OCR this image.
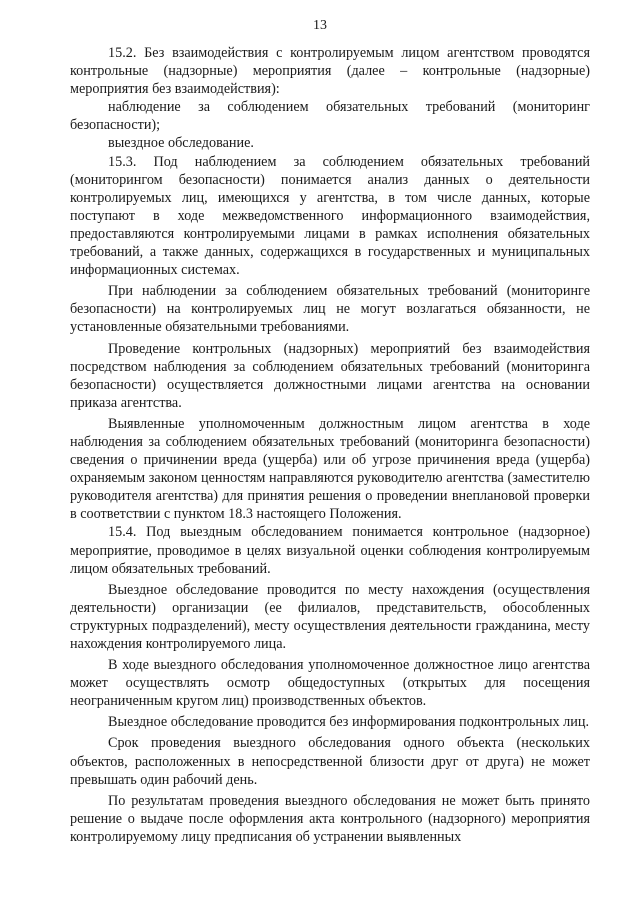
13

15.2. Без взаимодействия с контролируемым лицом агентством проводятся контрольные (надзорные) мероприятия (далее – контрольные (надзорные) мероприятия без взаимодействия):

наблюдение за соблюдением обязательных требований (мониторинг безопасности);

выездное обследование.

15.3. Под наблюдением за соблюдением обязательных требований (мониторингом безопасности) понимается анализ данных о деятельности контролируемых лиц, имеющихся у агентства, в том числе данных, которые поступают в ходе межведомственного информационного взаимодействия, предоставляются контролируемыми лицами в рамках исполнения обязательных требований, а также данных, содержащихся в государственных и муниципальных информационных системах.

При наблюдении за соблюдением обязательных требований (мониторинге безопасности) на контролируемых лиц не могут возлагаться обязанности, не установленные обязательными требованиями.

Проведение контрольных (надзорных) мероприятий без взаимодействия посредством наблюдения за соблюдением обязательных требований (мониторинга безопасности) осуществляется должностными лицами агентства на основании приказа агентства.

Выявленные уполномоченным должностным лицом агентства в ходе наблюдения за соблюдением обязательных требований (мониторинга безопасности) сведения о причинении вреда (ущерба) или об угрозе причинения вреда (ущерба) охраняемым законом ценностям направляются руководителю агентства (заместителю руководителя агентства) для принятия решения о проведении внеплановой проверки в соответствии с пунктом 18.3 настоящего Положения.

15.4. Под выездным обследованием понимается контрольное (надзорное) мероприятие, проводимое в целях визуальной оценки соблюдения контролируемым лицом обязательных требований.

Выездное обследование проводится по месту нахождения (осуществления деятельности) организации (ее филиалов, представительств, обособленных структурных подразделений), месту осуществления деятельности гражданина, месту нахождения контролируемого лица.

В ходе выездного обследования уполномоченное должностное лицо агентства может осуществлять осмотр общедоступных (открытых для посещения неограниченным кругом лиц) производственных объектов.

Выездное обследование проводится без информирования подконтрольных лиц.

Срок проведения выездного обследования одного объекта (нескольких объектов, расположенных в непосредственной близости друг от друга) не может превышать один рабочий день.

По результатам проведения выездного обследования не может быть принято решение о выдаче после оформления акта контрольного (надзорного) мероприятия контролируемому лицу предписания об устранении выявленных
